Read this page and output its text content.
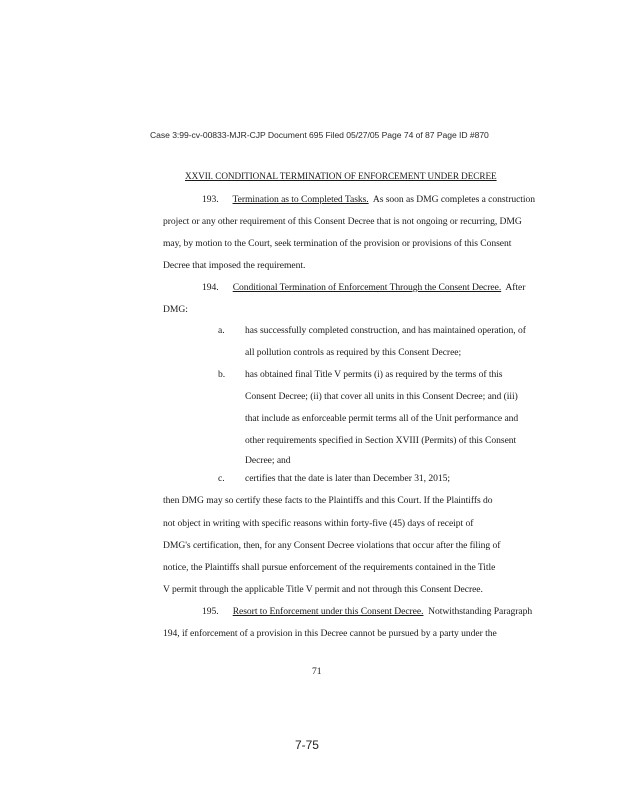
Case 3:99-cv-00833-MJR-CJP Document 695 Filed 05/27/05 Page 74 of 87 Page ID #870
XXVII. CONDITIONAL TERMINATION OF ENFORCEMENT UNDER DECREE
193. Termination as to Completed Tasks. As soon as DMG completes a construction
project or any other requirement of this Consent Decree that is not ongoing or recurring, DMG
may, by motion to the Court, seek termination of the provision or provisions of this Consent
Decree that imposed the requirement.
194. Conditional Termination of Enforcement Through the Consent Decree. After
DMG:
a. has successfully completed construction, and has maintained operation, of
all pollution controls as required by this Consent Decree;
b. has obtained final Title V permits (i) as required by the terms of this
Consent Decree; (ii) that cover all units in this Consent Decree; and (iii)
that include as enforceable permit terms all of the Unit performance and
other requirements specified in Section XVIII (Permits) of this Consent
Decree; and
c. certifies that the date is later than December 31, 2015;
then DMG may so certify these facts to the Plaintiffs and this Court. If the Plaintiffs do
not object in writing with specific reasons within forty-five (45) days of receipt of
DMG's certification, then, for any Consent Decree violations that occur after the filing of
notice, the Plaintiffs shall pursue enforcement of the requirements contained in the Title
V permit through the applicable Title V permit and not through this Consent Decree.
195. Resort to Enforcement under this Consent Decree. Notwithstanding Paragraph
194, if enforcement of a provision in this Decree cannot be pursued by a party under the
71
7-75
